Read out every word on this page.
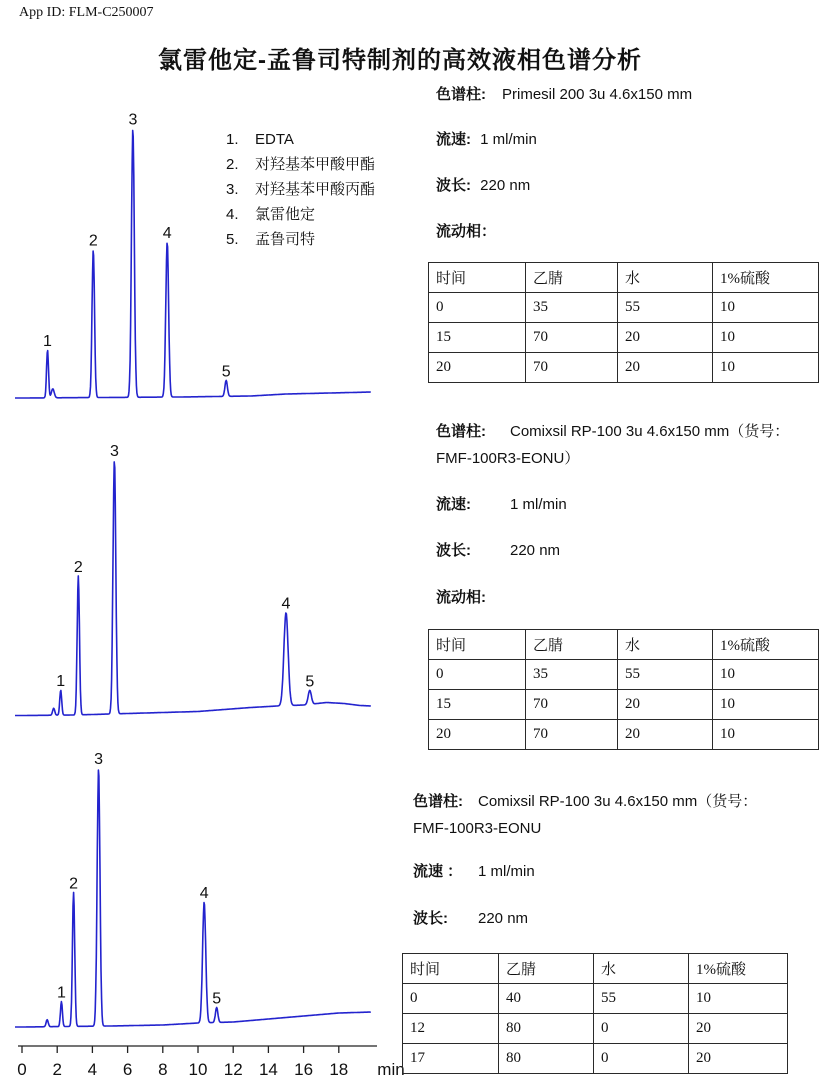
App ID: FLM-C250007
氯雷他定-孟鲁司特制剂的高效液相色谱分析
1
2
3
4
5
1
2
3
4
5
1
2
3
4
5
0 2 4 6 8 10 12 14 16 18 min
1. EDTA
2. 对羟基苯甲酸甲酯
3. 对羟基苯甲酸丙酯
4. 氯雷他定
5. 孟鲁司特
色谱柱: Primesil 200 3u 4.6x150 mm
流速: 1 ml/min
波长: 220 nm
流动相：
时间	乙腈	水	1%硫酸
0	35	55	10
15	70	20	10
20	70	20	10
色谱柱: Comixsil RP-100 3u 4.6x150 mm（货号：
FMF-100R3-EONU）
流速:	1 ml/min
波长:	220 nm
流动相:
时间	乙腈	水	1%硫酸
0	35	55	10
15	70	20	10
20	70	20	10
色谱柱: Comixsil RP-100 3u 4.6x150 mm（货号：
FMF-100R3-EONU
流速 ： 1 ml/min
波长: 220 nm
时间	乙腈	水	1%硫酸
0	40	55	10
12	80	0	20
17	80	0	20
